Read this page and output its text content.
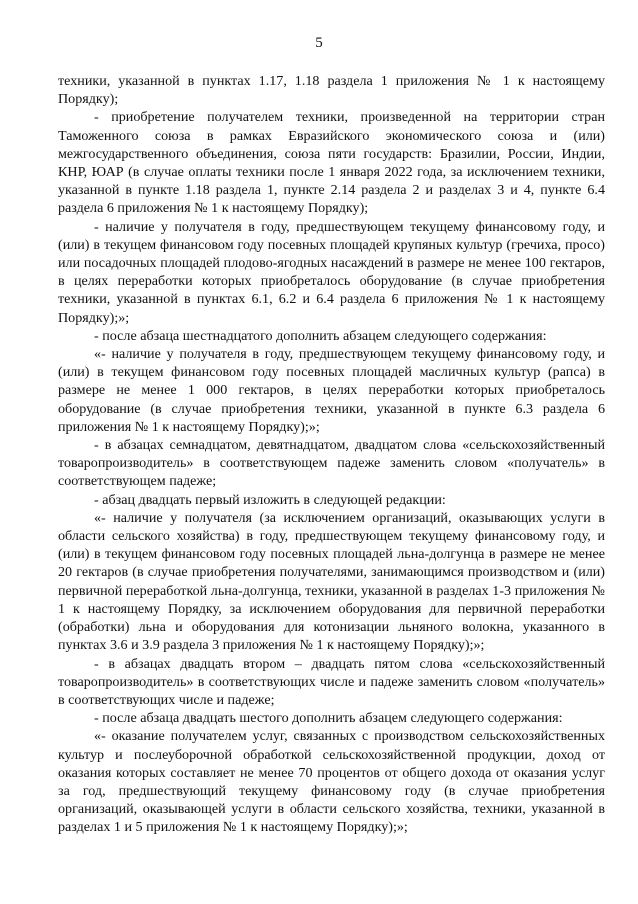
5

техники, указанной в пунктах 1.17, 1.18 раздела 1 приложения № 1 к настоящему Порядку);

- приобретение получателем техники, произведенной на территории стран Таможенного союза в рамках Евразийского экономического союза и (или) межгосударственного объединения, союза пяти государств: Бразилии, России, Индии, КНР, ЮАР (в случае оплаты техники после 1 января 2022 года, за исключением техники, указанной в пункте 1.18 раздела 1, пункте 2.14 раздела 2 и разделах 3 и 4, пункте 6.4 раздела 6 приложения № 1 к настоящему Порядку);

- наличие у получателя в году, предшествующем текущему финансовому году, и (или) в текущем финансовом году посевных площадей крупяных культур (гречиха, просо) или посадочных площадей плодово-ягодных насаждений в размере не менее 100 гектаров, в целях переработки которых приобреталось оборудование (в случае приобретения техники, указанной в пунктах 6.1, 6.2 и 6.4 раздела 6 приложения № 1 к настоящему Порядку);»;

- после абзаца шестнадцатого дополнить абзацем следующего содержания:

«- наличие у получателя в году, предшествующем текущему финансовому году, и (или) в текущем финансовом году посевных площадей масличных культур (рапса) в размере не менее 1 000 гектаров, в целях переработки которых приобреталось оборудование (в случае приобретения техники, указанной в пункте 6.3 раздела 6 приложения № 1 к настоящему Порядку);»;

- в абзацах семнадцатом, девятнадцатом, двадцатом слова «сельскохозяйственный товаропроизводитель» в соответствующем падеже заменить словом «получатель» в соответствующем падеже;

- абзац двадцать первый изложить в следующей редакции:

«- наличие у получателя (за исключением организаций, оказывающих услуги в области сельского хозяйства) в году, предшествующем текущему финансовому году, и (или) в текущем финансовом году посевных площадей льна-долгунца в размере не менее 20 гектаров (в случае приобретения получателями, занимающимся производством и (или) первичной переработкой льна-долгунца, техники, указанной в разделах 1-3 приложения № 1 к настоящему Порядку, за исключением оборудования для первичной переработки (обработки) льна и оборудования для котонизации льняного волокна, указанного в пунктах 3.6 и 3.9 раздела 3 приложения № 1 к настоящему Порядку);»;

- в абзацах двадцать втором – двадцать пятом слова «сельскохозяйственный товаропроизводитель» в соответствующих числе и падеже заменить словом «получатель» в соответствующих числе и падеже;

- после абзаца двадцать шестого дополнить абзацем следующего содержания:

«- оказание получателем услуг, связанных с производством сельскохозяйственных культур и послеуборочной обработкой сельскохозяйственной продукции, доход от оказания которых составляет не менее 70 процентов от общего дохода от оказания услуг за год, предшествующий текущему финансовому году (в случае приобретения организаций, оказывающей услуги в области сельского хозяйства, техники, указанной в разделах 1 и 5 приложения № 1 к настоящему Порядку);»;
